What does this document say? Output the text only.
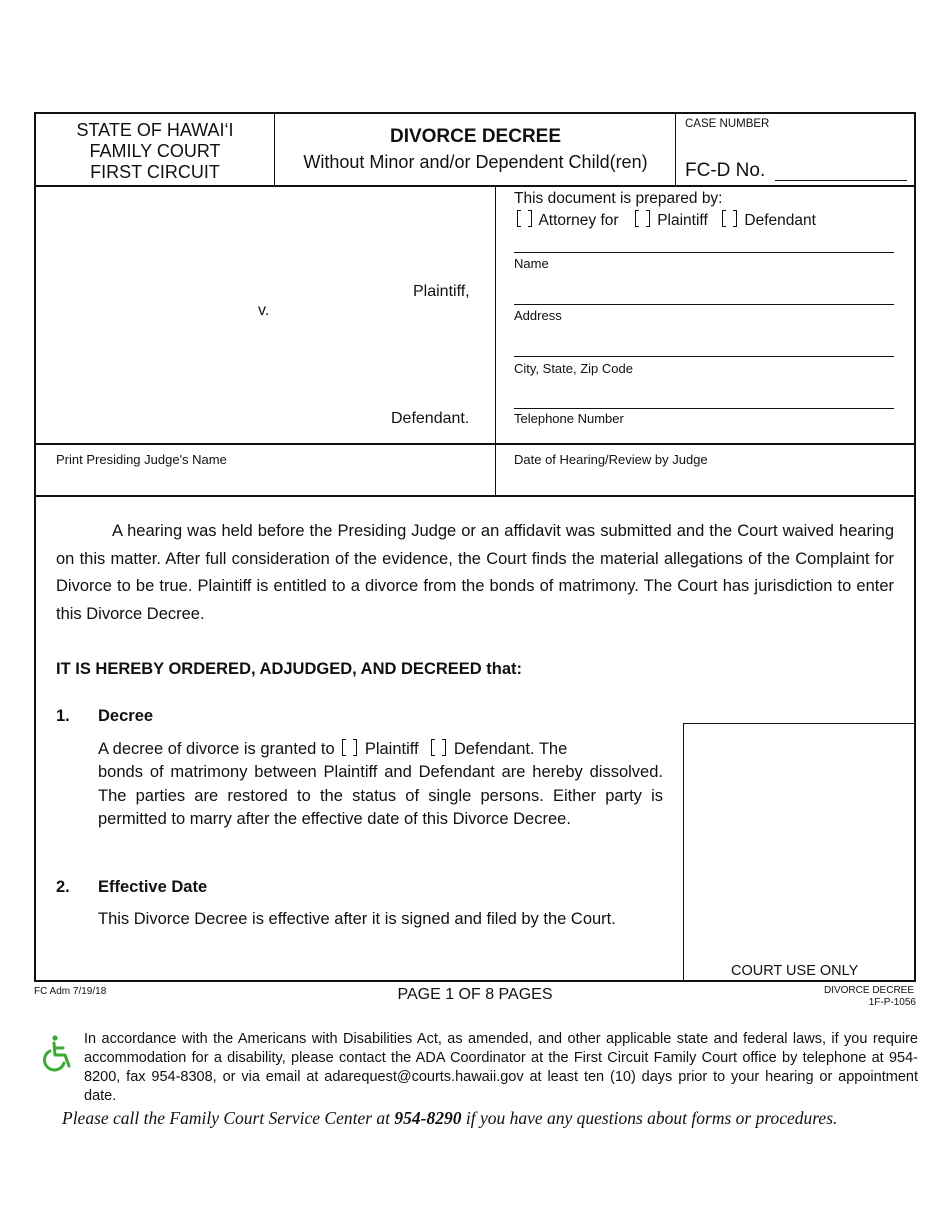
STATE OF HAWAI‘I
FAMILY COURT
FIRST CIRCUIT
DIVORCE DECREE
Without Minor and/or Dependent Child(ren)
CASE NUMBER
FC-D No.
Plaintiff,
v.
Defendant.
This document is prepared by:
Attorney for Plaintiff Defendant
Name
Address
City, State, Zip Code
Telephone Number
Print Presiding Judge's Name	Date of Hearing/Review by Judge
A hearing was held before the Presiding Judge or an affidavit was submitted and the Court waived hearing on this matter. After full consideration of the evidence, the Court finds the material allegations of the Complaint for Divorce to be true. Plaintiff is entitled to a divorce from the bonds of matrimony. The Court has jurisdiction to enter this Divorce Decree.
IT IS HEREBY ORDERED, ADJUDGED, AND DECREED that:
COURT USE ONLY
1. Decree
A decree of divorce is granted to Plaintiff Defendant. The
bonds of matrimony between Plaintiff and Defendant are hereby dissolved. The parties are restored to the status of single persons. Either party is permitted to marry after the effective date of this Divorce Decree.
2. Effective Date
This Divorce Decree is effective after it is signed and filed by the Court.
FC Adm 7/19/18	PAGE 1 OF 8 PAGES	DIVORCE DECREE
1F-P-1056
In accordance with the Americans with Disabilities Act, as amended, and other applicable state and federal laws, if you require accommodation for a disability, please contact the ADA Coordinator at the First Circuit Family Court office by telephone at 954-8200, fax 954-8308, or via email at adarequest@courts.hawaii.gov at least ten (10) days prior to your hearing or appointment date.
Please call the Family Court Service Center at 954-8290 if you have any questions about forms or procedures.
